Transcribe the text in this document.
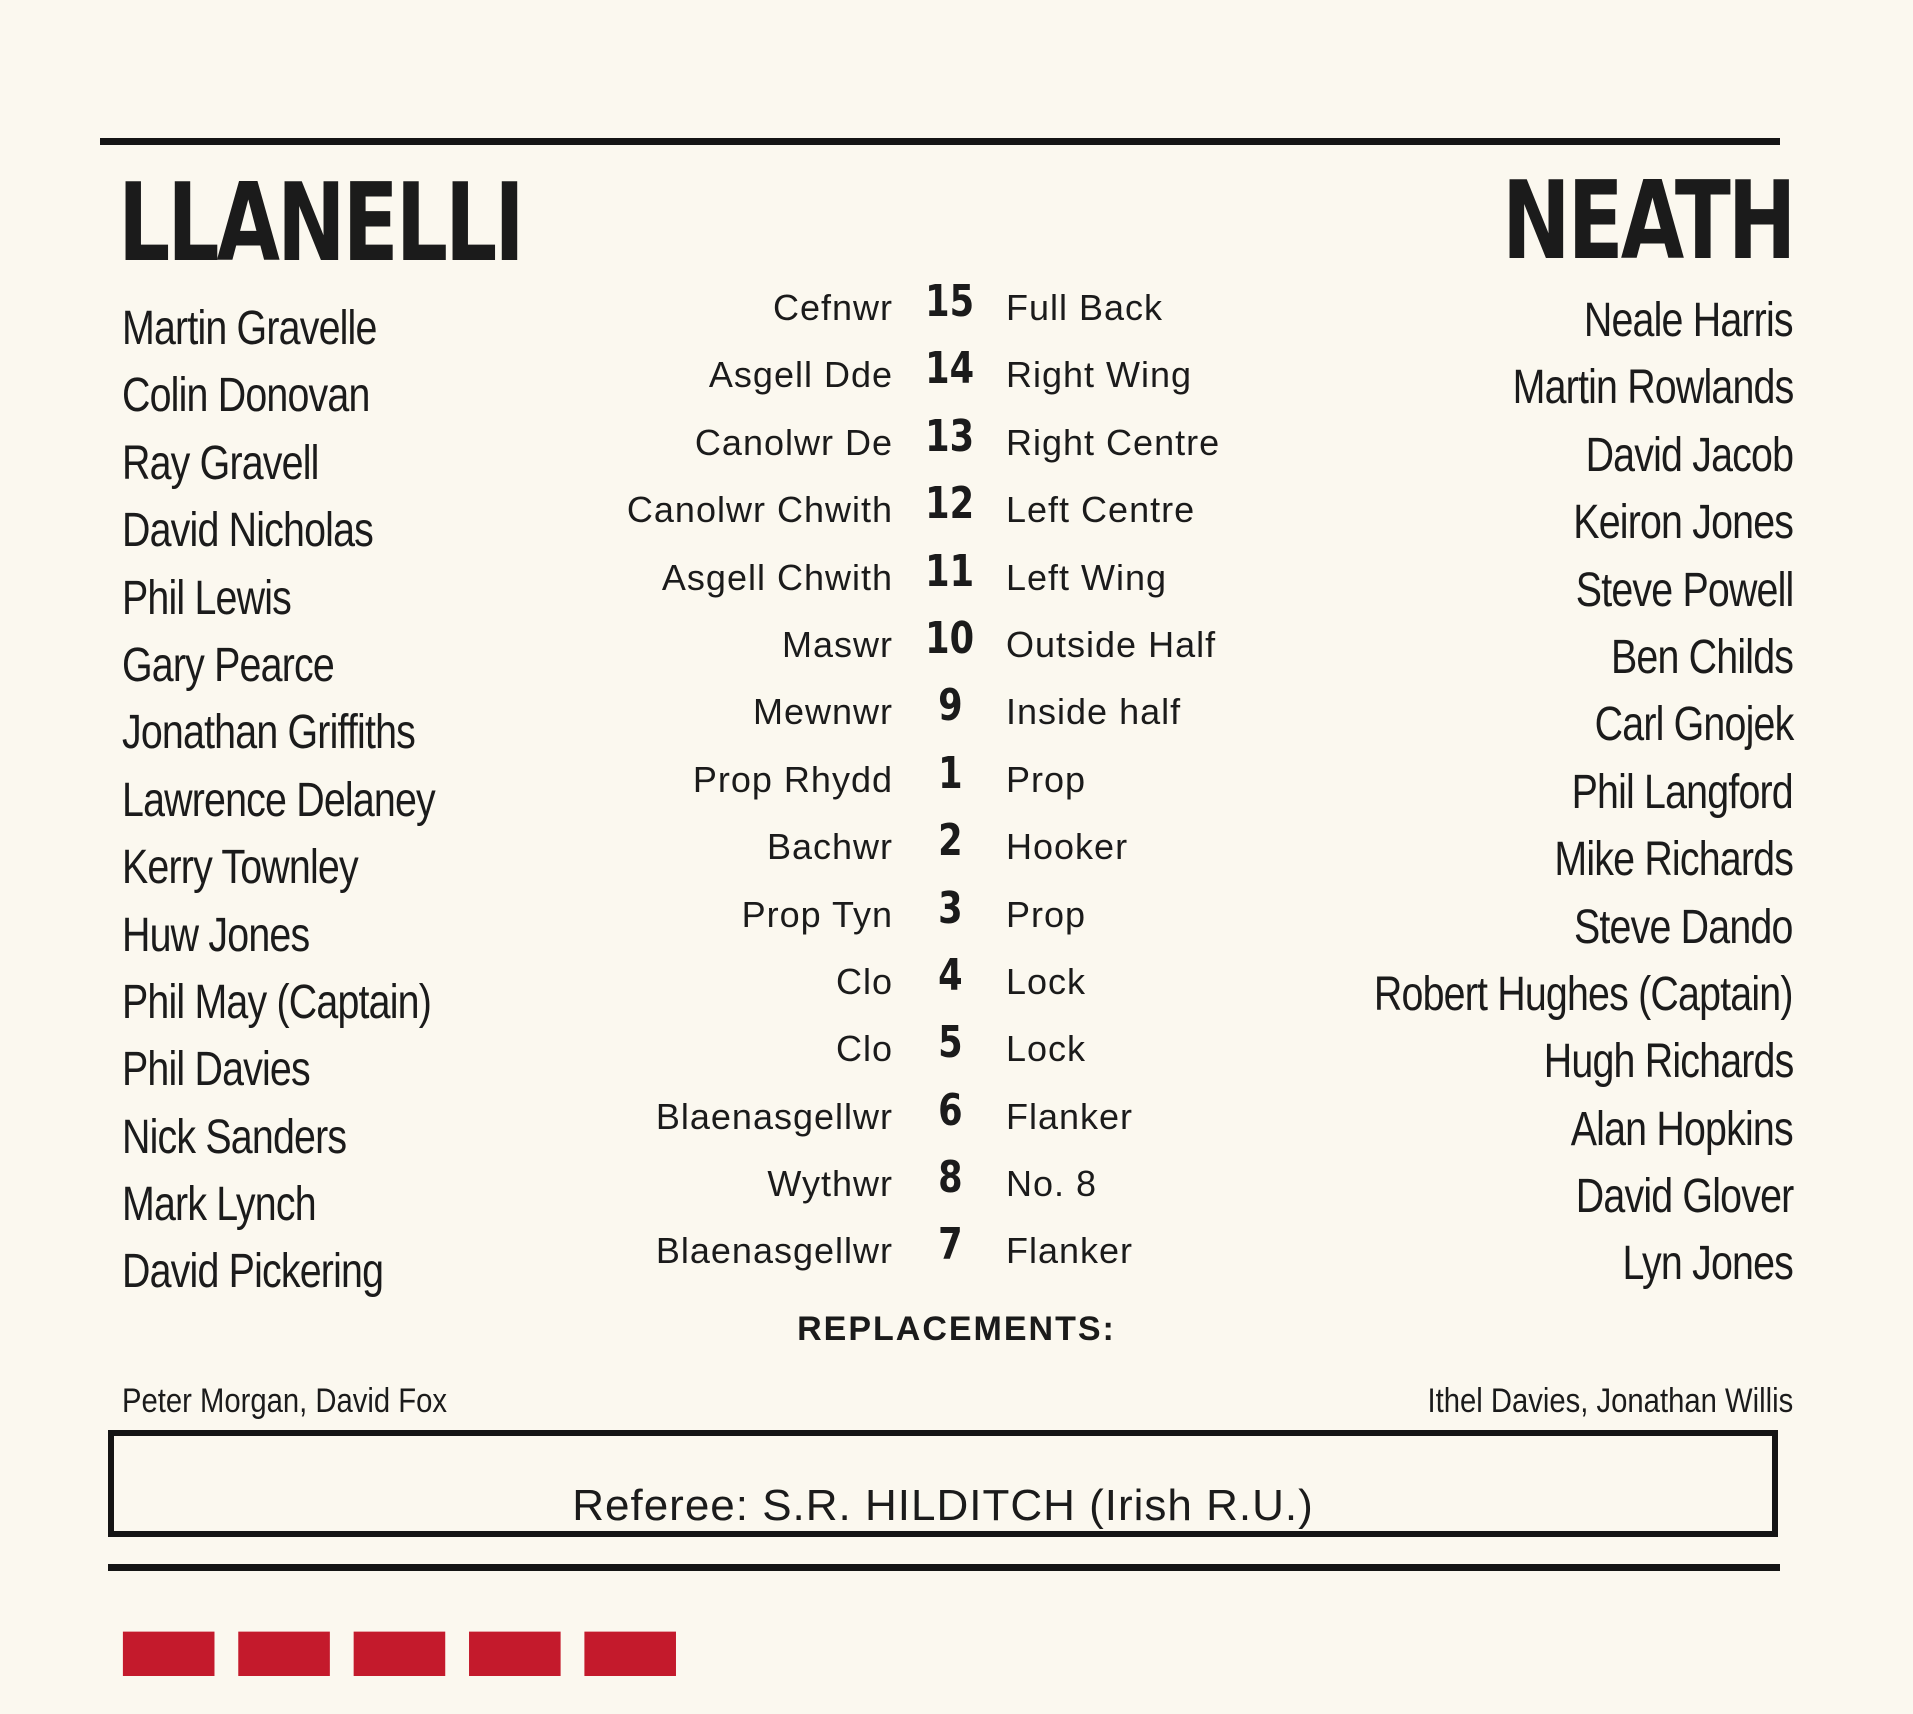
LLANELLI	NEATH
Martin Gravelle
Colin Donovan
Ray Gravell
David Nicholas
Phil Lewis
Gary Pearce
Jonathan Griffiths
Lawrence Delaney
Kerry Townley
Huw Jones
Phil May (Captain)
Phil Davies
Nick Sanders
Mark Lynch
David Pickering
Cefnwr
Asgell Dde
Canolwr De
Canolwr Chwith
Asgell Chwith
Maswr
Mewnwr
Prop Rhydd
Bachwr
Prop Tyn
Clo
Clo
Blaenasgellwr
Wythwr
Blaenasgellwr
15
14
13
12
11
10
9
1
2
3
4
5
6
8
7
Full Back
Right Wing
Right Centre
Left Centre
Left Wing
Outside Half
Inside half
Prop
Hooker
Prop
Lock
Lock
Flanker
No. 8
Flanker
Neale Harris
Martin Rowlands
David Jacob
Keiron Jones
Steve Powell
Ben Childs
Carl Gnojek
Phil Langford
Mike Richards
Steve Dando
Robert Hughes (Captain)
Hugh Richards
Alan Hopkins
David Glover
Lyn Jones
REPLACEMENTS:
Peter Morgan, David Fox	Ithel Davies, Jonathan Willis
Referee: S.R. HILDITCH (Irish R.U.)
▬▬▬▬▬
